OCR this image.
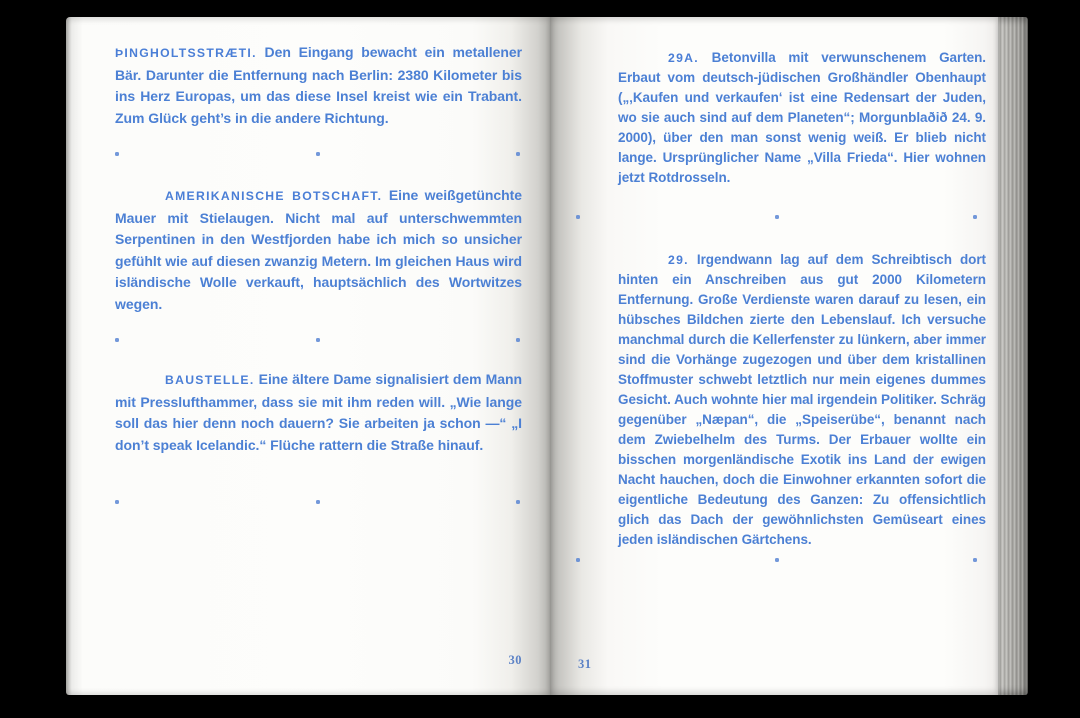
ÞINGHOLTSSTRÆTI. Den Eingang bewacht ein metallener Bär. Darunter die Entfernung nach Berlin: 2380 Kilometer bis ins Herz Europas, um das diese Insel kreist wie ein Trabant. Zum Glück geht’s in die andere Richtung.
AMERIKANISCHE BOTSCHAFT. Eine weißgetünchte Mauer mit Stielaugen. Nicht mal auf unterschwemmten Serpentinen in den Westfjorden habe ich mich so unsicher gefühlt wie auf diesen zwanzig Metern. Im gleichen Haus wird isländische Wolle verkauft, hauptsächlich des Wortwitzes wegen.
BAUSTELLE. Eine ältere Dame signalisiert dem Mann mit Presslufthammer, dass sie mit ihm reden will. „Wie lange soll das hier denn noch dauern? Sie arbeiten ja schon —“ „I don’t speak Icelandic.“ Flüche rattern die Straße hinauf.
30
29A. Betonvilla mit verwunschenem Garten. Erbaut vom deutsch-jüdischen Großhändler Obenhaupt („‚Kaufen und verkaufen‘ ist eine Redensart der Juden, wo sie auch sind auf dem Planeten“; Morgunblaðið 24. 9. 2000), über den man sonst wenig weiß. Er blieb nicht lange. Ursprünglicher Name „Villa Frieda“. Hier wohnen jetzt Rotdrosseln.
29. Irgendwann lag auf dem Schreibtisch dort hinten ein Anschreiben aus gut 2000 Kilometern Entfernung. Große Verdienste waren darauf zu lesen, ein hübsches Bildchen zierte den Lebenslauf. Ich versuche manchmal durch die Kellerfenster zu lünkern, aber immer sind die Vorhänge zugezogen und über dem kristallinen Stoffmuster schwebt letztlich nur mein eigenes dummes Gesicht. Auch wohnte hier mal irgendein Politiker. Schräg gegenüber „Næpan“, die „Speiserübe“, benannt nach dem Zwiebelhelm des Turms. Der Erbauer wollte ein bisschen morgenländische Exotik ins Land der ewigen Nacht hauchen, doch die Einwohner erkannten sofort die eigentliche Bedeutung des Ganzen: Zu offensichtlich glich das Dach der gewöhnlichsten Gemüseart eines jeden isländischen Gärtchens.
31
